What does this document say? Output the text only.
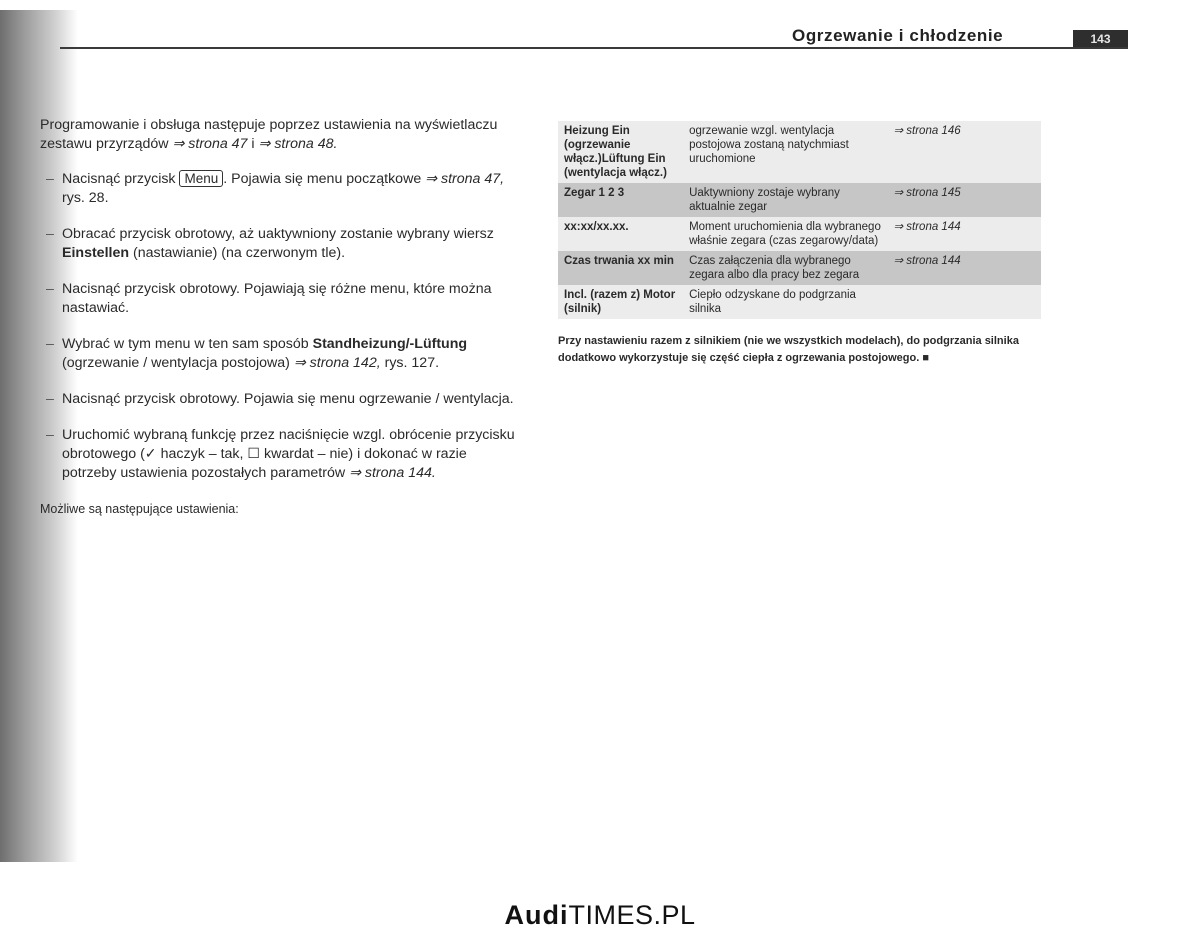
Ogrzewanie i chłodzenie	143

Programowanie i obsługa następuje poprzez ustawienia na wyświetlaczu zestawu przyrządów ⇒ strona 47 i ⇒ strona 48.

– Nacisnąć przycisk Menu . Pojawia się menu początkowe ⇒ strona 47, rys. 28.
– Obracać przycisk obrotowy, aż uaktywniony zostanie wybrany wiersz Einstellen (nastawianie) (na czerwonym tle).
– Nacisnąć przycisk obrotowy. Pojawiają się różne menu, które można nastawiać.
– Wybrać w tym menu w ten sam sposób Standheizung/-Lüftung (ogrzewanie / wentylacja postojowa) ⇒ strona 142, rys. 127.
– Nacisnąć przycisk obrotowy. Pojawia się menu ogrzewanie / wentylacja.
– Uruchomić wybraną funkcję przez naciśnięcie wzgl. obrócenie przycisku obrotowego (✓ haczyk – tak, ☐ kwardat – nie) i dokonać w razie potrzeby ustawienia pozostałych parametrów ⇒ strona 144.
Możliwe są następujące ustawienia:
Heizung Ein (ogrzewanie włącz.)Lüftung Ein (wentylacja włącz.)	ogrzewanie wzgl. wentylacja postojowa zostaną natychmiast uruchomione	⇒ strona 146
Zegar 1 2 3	Uaktywniony zostaje wybrany aktualnie zegar	⇒ strona 145
xx:xx/xx.xx.	Moment uruchomienia dla wybranego właśnie zegara (czas zegarowy/data)	⇒ strona 144
Czas trwania xx min	Czas załączenia dla wybranego zegara albo dla pracy bez zegara	⇒ strona 144
Incl. (razem z) Motor (silnik)	Ciepło odzyskane do podgrzania silnika	
Przy nastawieniu razem z silnikiem (nie we wszystkich modelach), do podgrzania silnika dodatkowo wykorzystuje się część ciepła z ogrzewania postojowego. ■
AudiTIMES.PL
